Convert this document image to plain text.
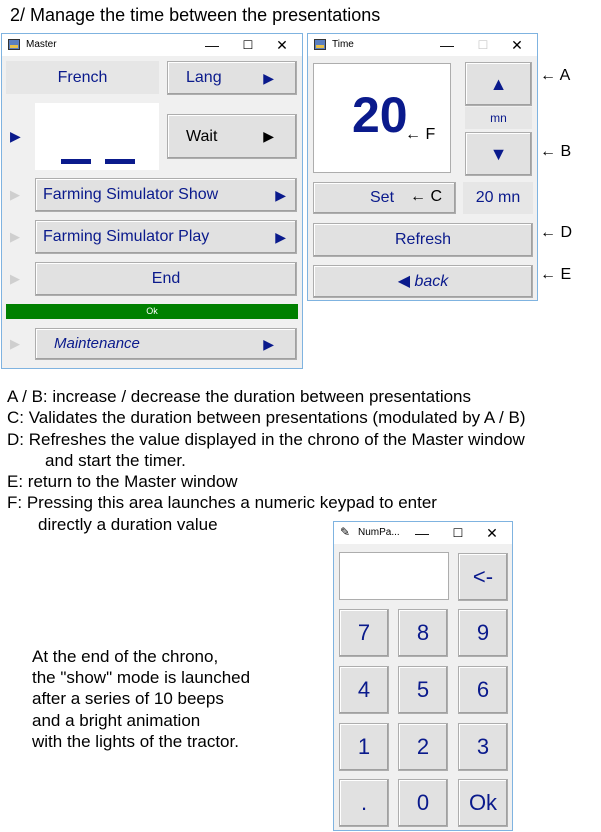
2/ Manage the time between the presentations
Master	—	☐	✕
French	Lang	▶
▶	Wait	▶
▶ Farming Simulator Show	▶
▶ Farming Simulator Play	▶
▶	End
Ok
▶ Maintenance	▶
Time	—	☐	✕
20
▲
mn
▼
Set	20 mn
Refresh
◀ back
← F
← C
← A
← B
← D
← E
A / B: increase / decrease the duration between presentations
C: Validates the duration between presentations (modulated by A / B)
D: Refreshes the value displayed in the chrono of the Master window
and start the timer.
E: return to the Master window
F: Pressing this area launches a numeric keypad to enter
directly a duration value
At the end of the chrono,
the "show" mode is launched
after a series of 10 beeps
and a bright animation
with the lights of the tractor.
✎ NumPa...	—	☐	✕
<-
7	8	9
4	5	6
1	2	3
.	0	Ok
